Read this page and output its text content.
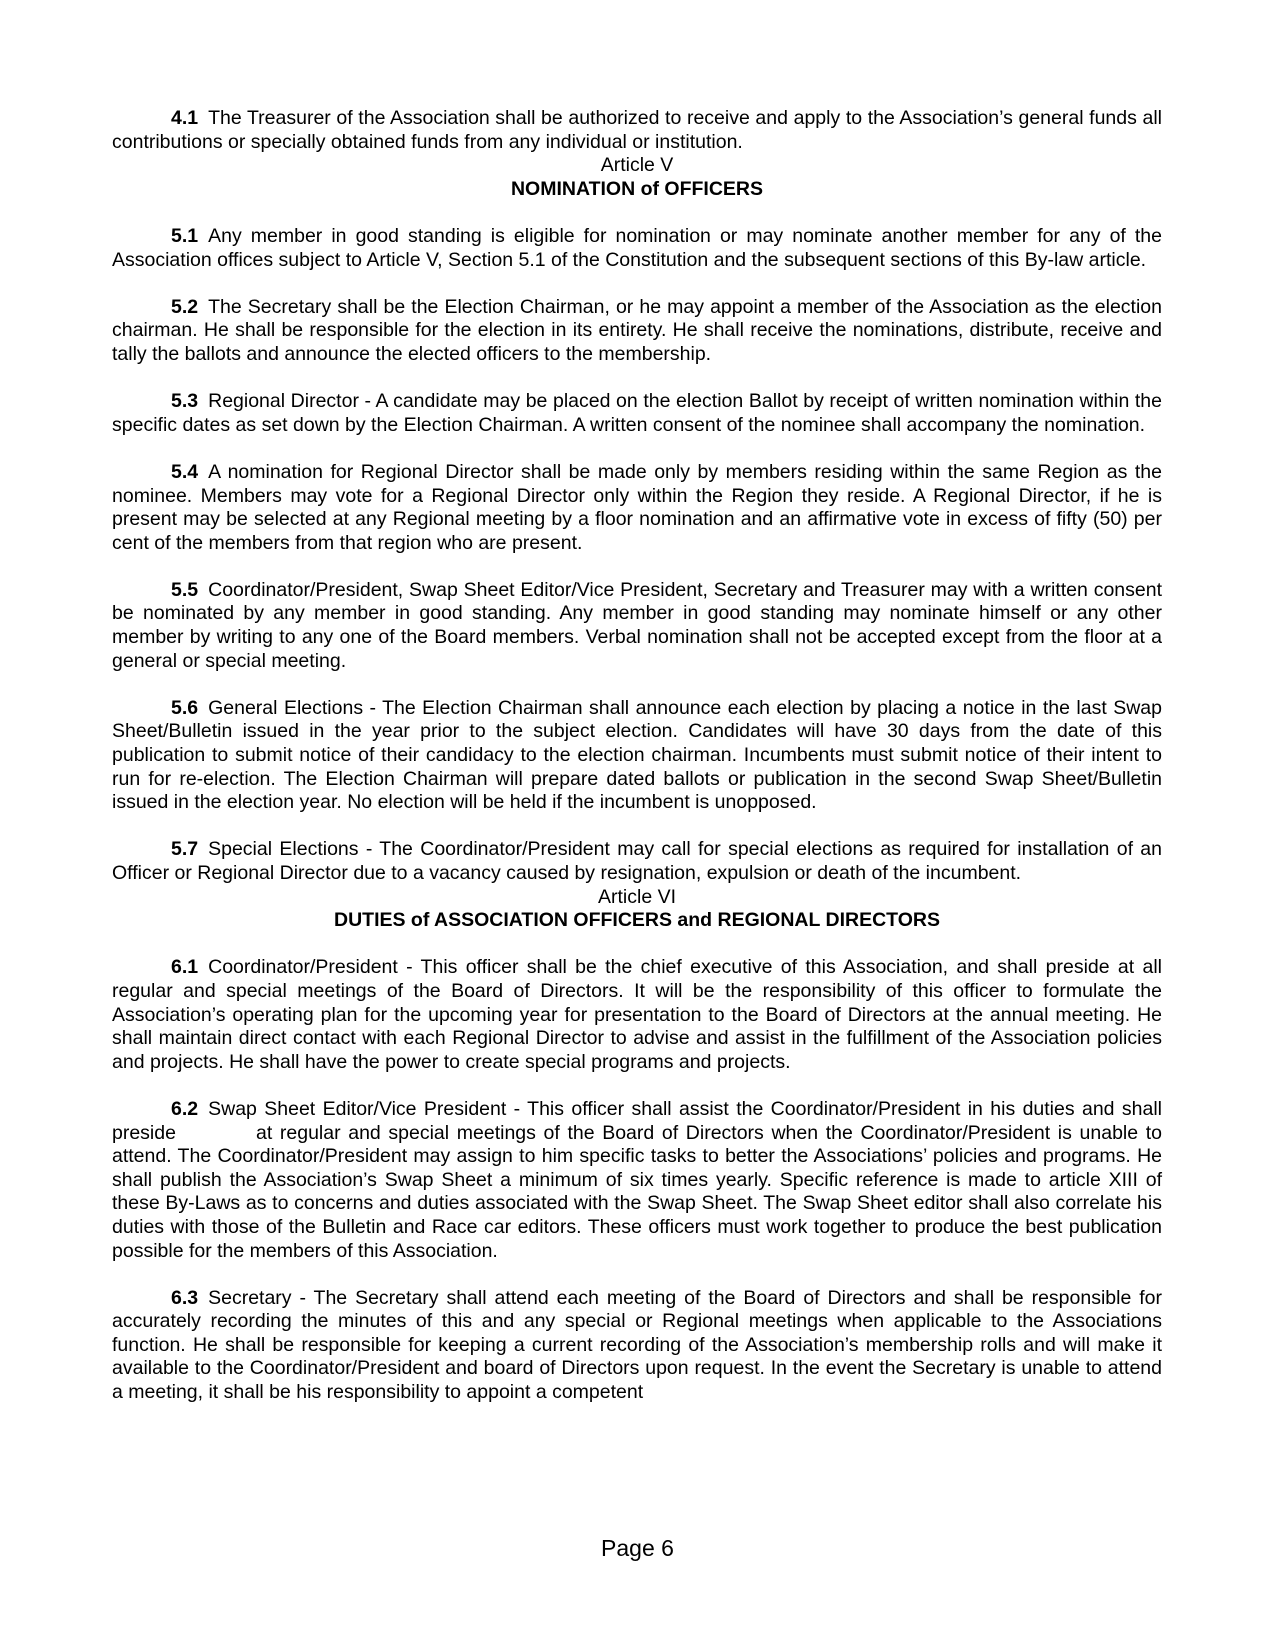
4.1 The Treasurer of the Association shall be authorized to receive and apply to the Association’s general funds all contributions or specially obtained funds from any individual or institution.

Article V

NOMINATION of OFFICERS

5.1 Any member in good standing is eligible for nomination or may nominate another member for any of the Association offices subject to Article V, Section 5.1 of the Constitution and the subsequent sections of this By-law article.

5.2 The Secretary shall be the Election Chairman, or he may appoint a member of the Association as the election chairman. He shall be responsible for the election in its entirety. He shall receive the nominations, distribute, receive and tally the ballots and announce the elected officers to the membership.

5.3 Regional Director - A candidate may be placed on the election Ballot by receipt of written nomination within the specific dates as set down by the Election Chairman. A written consent of the nominee shall accompany the nomination.

5.4 A nomination for Regional Director shall be made only by members residing within the same Region as the nominee. Members may vote for a Regional Director only within the Region they reside. A Regional Director, if he is present may be selected at any Regional meeting by a floor nomination and an affirmative vote in excess of fifty (50) per cent of the members from that region who are present.

5.5 Coordinator/President, Swap Sheet Editor/Vice President, Secretary and Treasurer may with a written consent be nominated by any member in good standing. Any member in good standing may nominate himself or any other member by writing to any one of the Board members. Verbal nomination shall not be accepted except from the floor at a general or special meeting.

5.6 General Elections - The Election Chairman shall announce each election by placing a notice in the last Swap Sheet/Bulletin issued in the year prior to the subject election. Candidates will have 30 days from the date of this publication to submit notice of their candidacy to the election chairman. Incumbents must submit notice of their intent to run for re-election. The Election Chairman will prepare dated ballots or publication in the second Swap Sheet/Bulletin issued in the election year. No election will be held if the incumbent is unopposed.

5.7 Special Elections - The Coordinator/President may call for special elections as required for installation of an Officer or Regional Director due to a vacancy caused by resignation, expulsion or death of the incumbent.

Article VI

DUTIES of ASSOCIATION OFFICERS and REGIONAL DIRECTORS

6.1 Coordinator/President - This officer shall be the chief executive of this Association, and shall preside at all regular and special meetings of the Board of Directors. It will be the responsibility of this officer to formulate the Association’s operating plan for the upcoming year for presentation to the Board of Directors at the annual meeting. He shall maintain direct contact with each Regional Director to advise and assist in the fulfillment of the Association policies and projects. He shall have the power to create special programs and projects.

6.2 Swap Sheet Editor/Vice President - This officer shall assist the Coordinator/President in his duties and shall preside	at regular and special meetings of the Board of Directors when the Coordinator/President is unable to attend. The Coordinator/President may assign to him specific tasks to better the Associations’ policies and programs. He shall publish the Association’s Swap Sheet a minimum of six times yearly. Specific reference is made to article XIII of these By-Laws as to concerns and duties associated with the Swap Sheet. The Swap Sheet editor shall also correlate his duties with those of the Bulletin and Race car editors. These officers must work together to produce the best publication possible for the members of this Association.

6.3 Secretary - The Secretary shall attend each meeting of the Board of Directors and shall be responsible for accurately recording the minutes of this and any special or Regional meetings when applicable to the Associations function. He shall be responsible for keeping a current recording of the Association’s membership rolls and will make it available to the Coordinator/President and board of Directors upon request. In the event the Secretary is unable to attend a meeting, it shall be his responsibility to appoint a competent

Page 6
